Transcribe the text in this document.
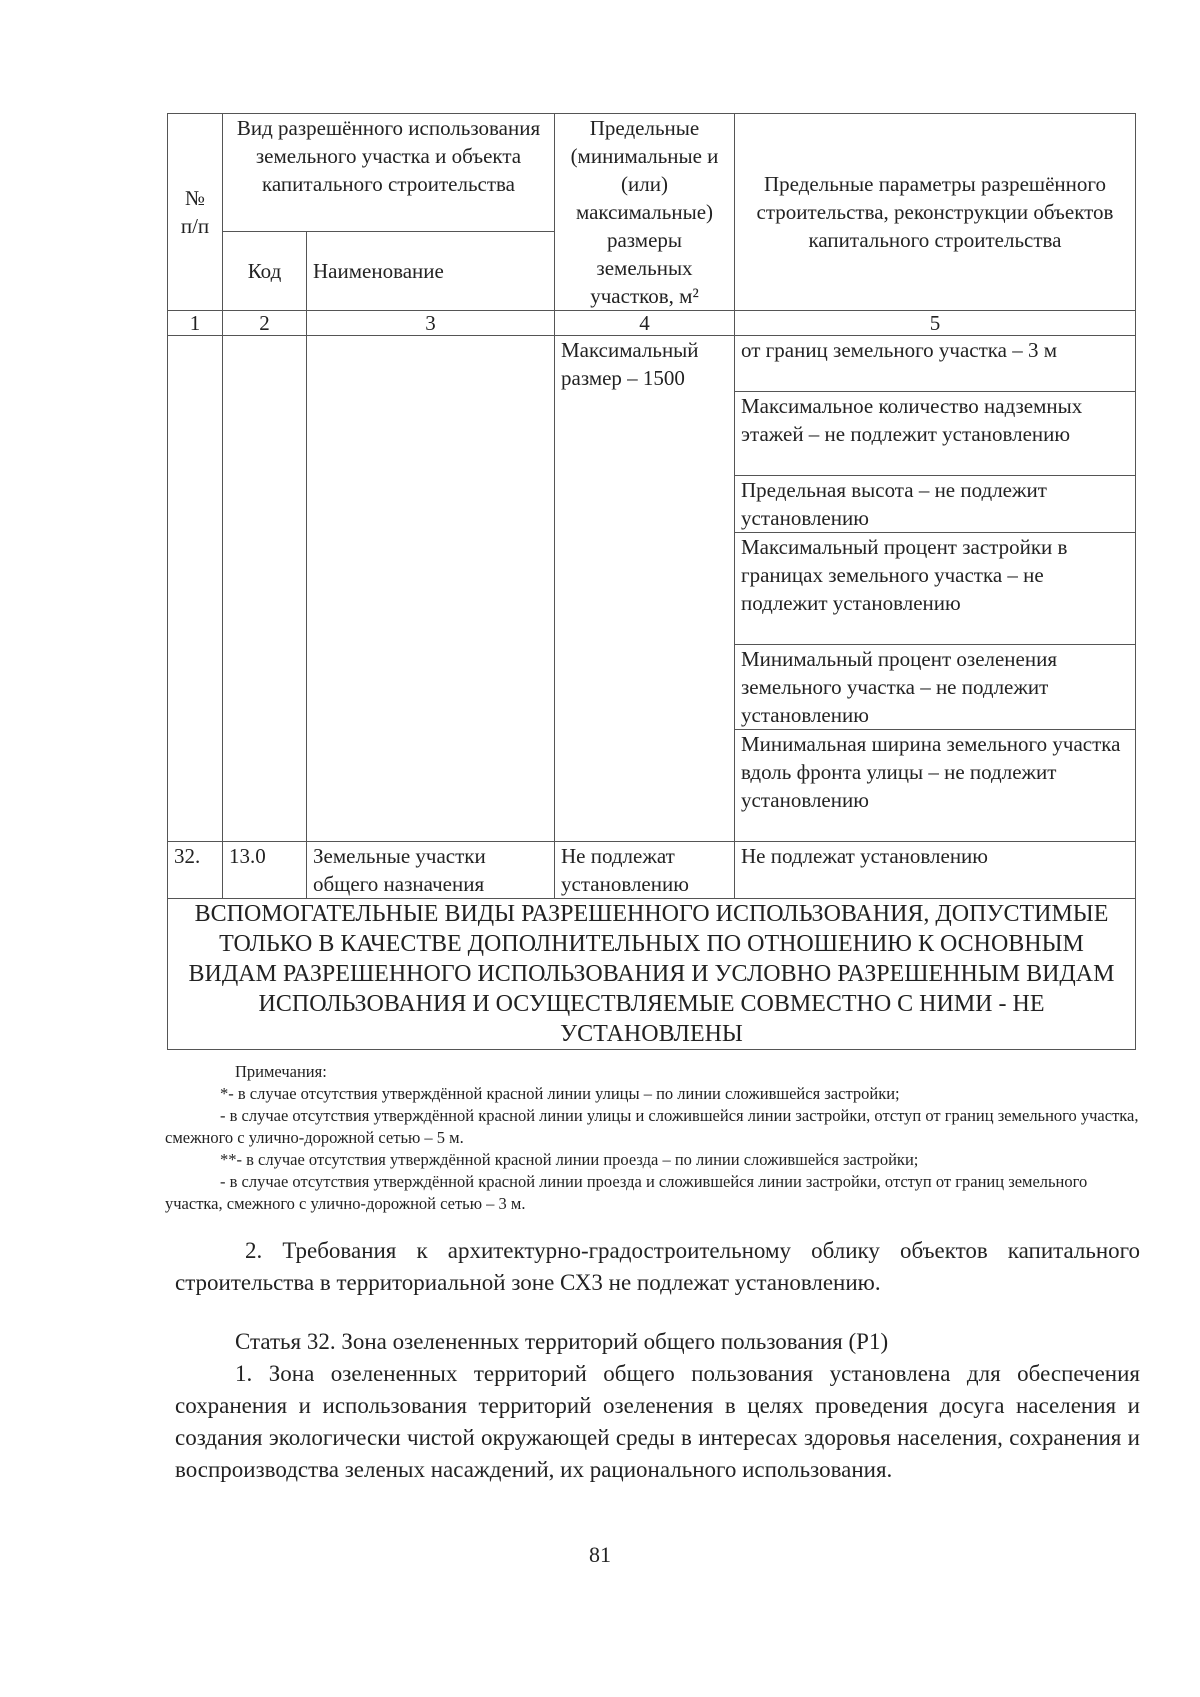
№ п/п	Вид разрешённого использования земельного участка и объекта капитального строительства		Предельные (минимальные и (или) максимальные) размеры земельных участков, м²	Предельные параметры разрешённого строительства, реконструкции объектов капитального строительства
	Код	Наименование		
1	2	3	4	5
			Максимальный размер – 1500	от границ земельного участка – 3 м
				Максимальное количество надземных этажей – не подлежит установлению
				Предельная высота – не подлежит установлению
				Максимальный процент застройки в границах земельного участка – не подлежит установлению
				Минимальный процент озеленения земельного участка – не подлежит установлению
				Минимальная ширина земельного участка вдоль фронта улицы – не подлежит установлению
32.	13.0	Земельные участки общего назначения	Не подлежат установлению	Не подлежат установлению
ВСПОМОГАТЕЛЬНЫЕ ВИДЫ РАЗРЕШЕННОГО ИСПОЛЬЗОВАНИЯ, ДОПУСТИМЫЕ ТОЛЬКО В КАЧЕСТВЕ ДОПОЛНИТЕЛЬНЫХ ПО ОТНОШЕНИЮ К ОСНОВНЫМ ВИДАМ РАЗРЕШЕННОГО ИСПОЛЬЗОВАНИЯ И УСЛОВНО РАЗРЕШЕННЫМ ВИДАМ ИСПОЛЬЗОВАНИЯ И ОСУЩЕСТВЛЯЕМЫЕ СОВМЕСТНО С НИМИ - НЕ УСТАНОВЛЕНЫ				
Примечания:
*- в случае отсутствия утверждённой красной линии улицы – по линии сложившейся застройки;
- в случае отсутствия утверждённой красной линии улицы и сложившейся линии застройки, отступ от границ земельного участка, смежного с улично-дорожной сетью – 5 м.
**- в случае отсутствия утверждённой красной линии проезда – по линии сложившейся застройки;
- в случае отсутствия утверждённой красной линии проезда и сложившейся линии застройки, отступ от границ земельного участка, смежного с улично-дорожной сетью – 3 м.

2. Требования к архитектурно-градостроительному облику объектов капитального строительства в территориальной зоне СХ3 не подлежат установлению.

Статья 32. Зона озелененных территорий общего пользования (Р1)

1. Зона озелененных территорий общего пользования установлена для обеспечения сохранения и использования территорий озеленения в целях проведения досуга населения и создания экологически чистой окружающей среды в интересах здоровья населения, сохранения и воспроизводства зеленых насаждений, их рационального использования.

81
